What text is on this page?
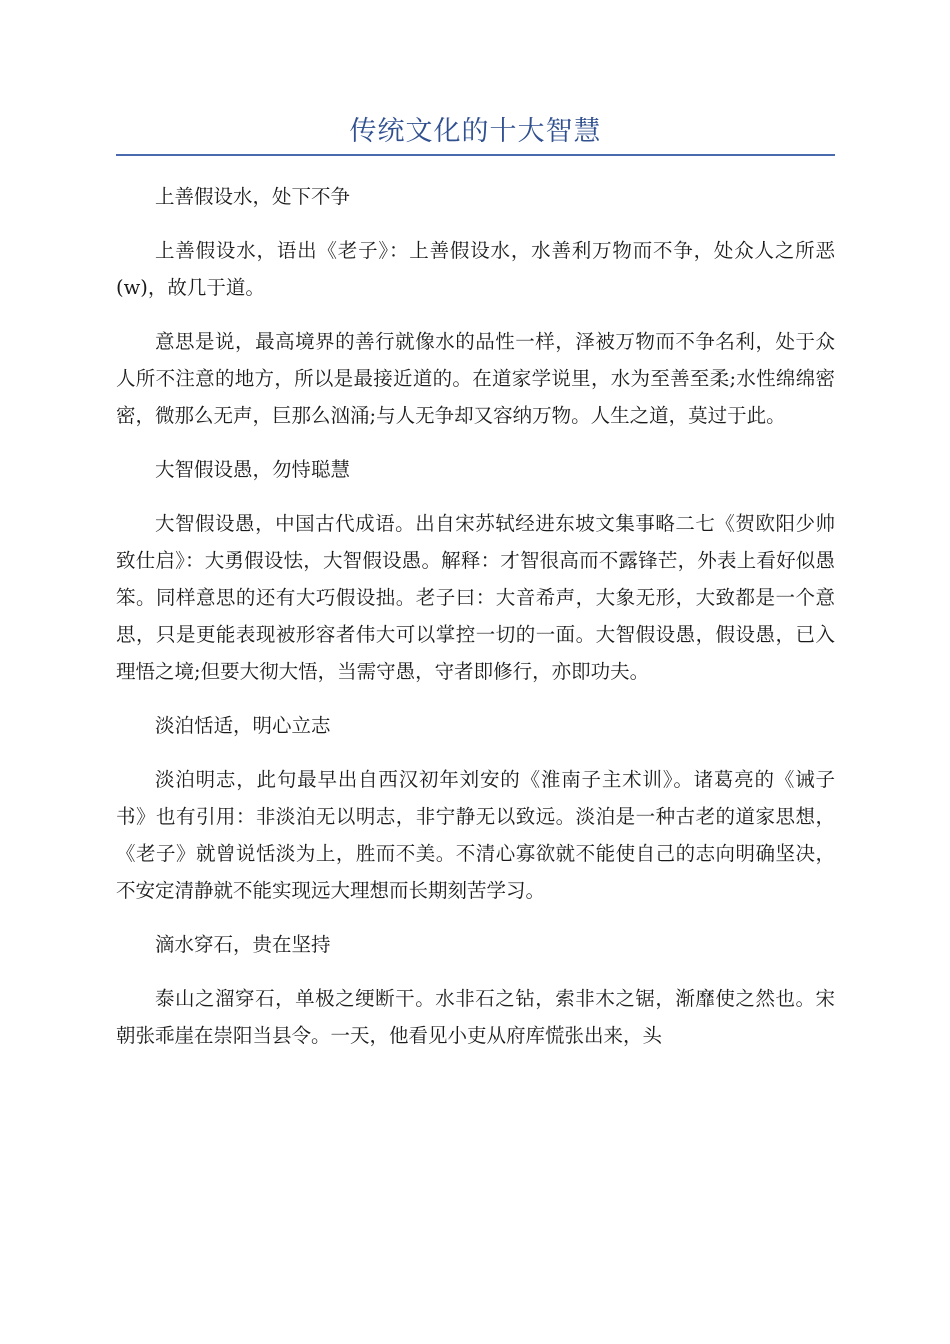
传统文化的十大智慧

上善假设水，处下不争

上善假设水，语出《老子》：上善假设水，水善利万物而不争，处众人之所恶(w)，故几于道。

意思是说，最高境界的善行就像水的品性一样，泽被万物而不争名利，处于众人所不注意的地方，所以是最接近道的。在道家学说里，水为至善至柔;水性绵绵密密，微那么无声，巨那么汹涌;与人无争却又容纳万物。人生之道，莫过于此。

大智假设愚，勿恃聪慧

大智假设愚，中国古代成语。出自宋苏轼经进东坡文集事略二七《贺欧阳少帅致仕启》：大勇假设怯，大智假设愚。解释：才智很高而不露锋芒，外表上看好似愚笨。同样意思的还有大巧假设拙。老子曰：大音希声，大象无形，大致都是一个意思，只是更能表现被形容者伟大可以掌控一切的一面。大智假设愚，假设愚，已入理悟之境;但要大彻大悟，当需守愚，守者即修行，亦即功夫。

淡泊恬适，明心立志

淡泊明志，此句最早出自西汉初年刘安的《淮南子主术训》。诸葛亮的《诫子书》也有引用：非淡泊无以明志，非宁静无以致远。淡泊是一种古老的道家思想，《老子》就曾说恬淡为上，胜而不美。不清心寡欲就不能使自己的志向明确坚决，不安定清静就不能实现远大理想而长期刻苦学习。

滴水穿石，贵在坚持

泰山之溜穿石，单极之绠断干。水非石之钻，索非木之锯，渐靡使之然也。宋朝张乖崖在崇阳当县令。一天，他看见小吏从府库慌张出来，头
